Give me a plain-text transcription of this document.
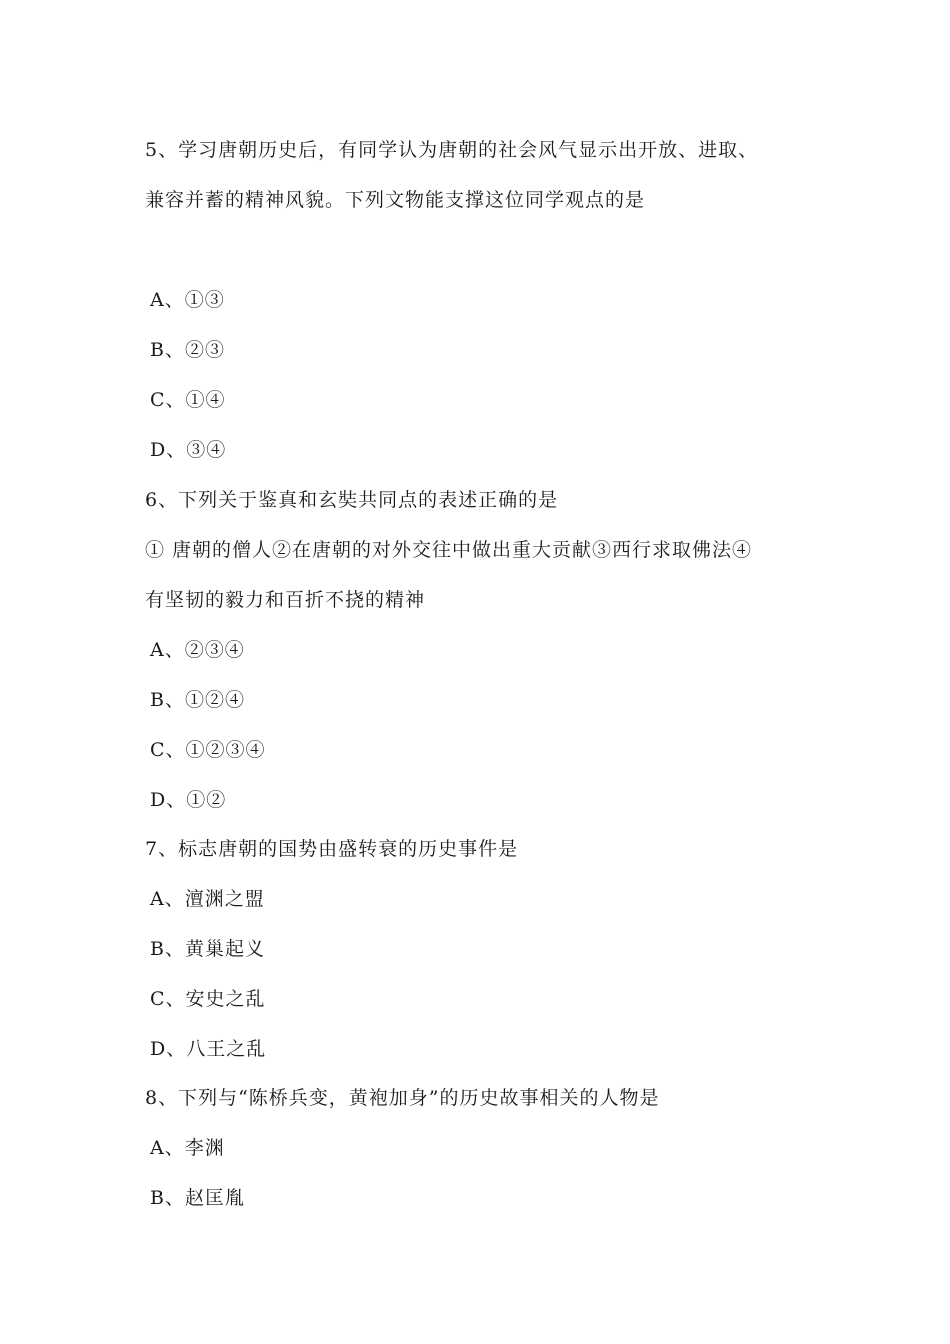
5、学习唐朝历史后，有同学认为唐朝的社会风气显示出开放、进取、
兼容并蓄的精神风貌。下列文物能支撑这位同学观点的是
A、①③
B、②③
C、①④
D、③④
6、下列关于鉴真和玄奘共同点的表述正确的是
① 唐朝的僧人②在唐朝的对外交往中做出重大贡献③西行求取佛法④
有坚韧的毅力和百折不挠的精神
A、②③④
B、①②④
C、①②③④
D、①②
7、标志唐朝的国势由盛转衰的历史事件是
A、澶渊之盟
B、黄巢起义
C、安史之乱
D、八王之乱
8、下列与“陈桥兵变，黄袍加身”的历史故事相关的人物是
A、李渊
B、赵匡胤
